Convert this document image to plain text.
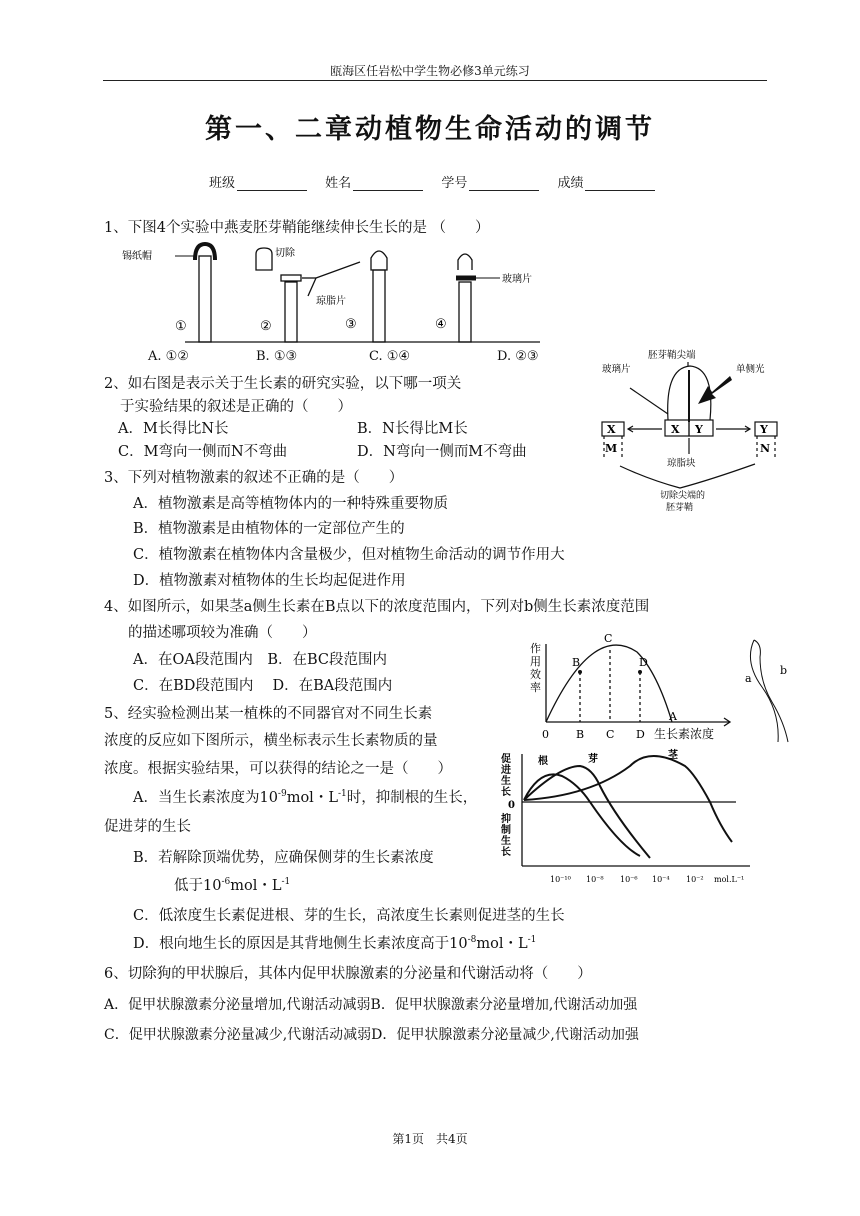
瓯海区任岩松中学生物必修3单元练习
第一、二章动植物生命活动的调节
班级	姓名	学号	成绩
1、下图4个实验中燕麦胚芽鞘能继续伸长生长的是 （　　）
锡纸帽	切除
琼脂片
玻璃片
①	②	③	④
A. ①②	B. ①③	C. ①④	D. ②③
2、如右图是表示关于生长素的研究实验，以下哪一项关
于实验结果的叙述是正确的（　　）
A．M长得比N长	B．N长得比M长
C．M弯向一侧而N不弯曲	D．N弯向一侧而M不弯曲
胚芽鞘尖端
玻璃片	单侧光
琼脂块
切除尖端的
胚芽鞘
X	X Y	Y
M	N
3、下列对植物激素的叙述不正确的是（　　）
A．植物激素是高等植物体内的一种特殊重要物质
B．植物激素是由植物体的一定部位产生的
C．植物激素在植物体内含量极少，但对植物生命活动的调节作用大
D．植物激素对植物体的生长均起促进作用
4、如图所示，如果茎a侧生长素在B点以下的浓度范围内，下列对b侧生长素浓度范围
的描述哪项较为准确（　　）
A．在OA段范围内　B．在BC段范围内
C．在BD段范围内　 D．在BA段范围内
作
用
效
率
生长素浓度
0 B C D
B
C
D
A
a
b
5、经实验检测出某一植株的不同器官对不同生长素
浓度的反应如下图所示，横坐标表示生长素物质的量
浓度。根据实验结果，可以获得的结论之一是（　　）
A．当生长素浓度为$10^{-9}mol$・$L^{-1}$时，抑制根的生长，
促进芽的生长
B．若解除顶端优势，应确保侧芽的生长素浓度
低于$10^{-6}mol$・$L^{-1}$
C．低浓度生长素促进根、芽的生长，高浓度生长素则促进茎的生长
D．根向地生长的原因是其背地侧生长素浓度高于$10^{-8}mol$・$L^{-1}$
促进生长
0
抑制生长
根	芽	茎
10⁻¹⁰ 10⁻⁸ 10⁻⁶ 10⁻⁴ 10⁻² mol.L⁻¹
6、切除狗的甲状腺后，其体内促甲状腺激素的分泌量和代谢活动将（　　）
A．促甲状腺激素分泌量增加,代谢活动减弱B．促甲状腺激素分泌量增加,代谢活动加强
C．促甲状腺激素分泌量减少,代谢活动减弱D．促甲状腺激素分泌量减少,代谢活动加强
第1页　共4页
